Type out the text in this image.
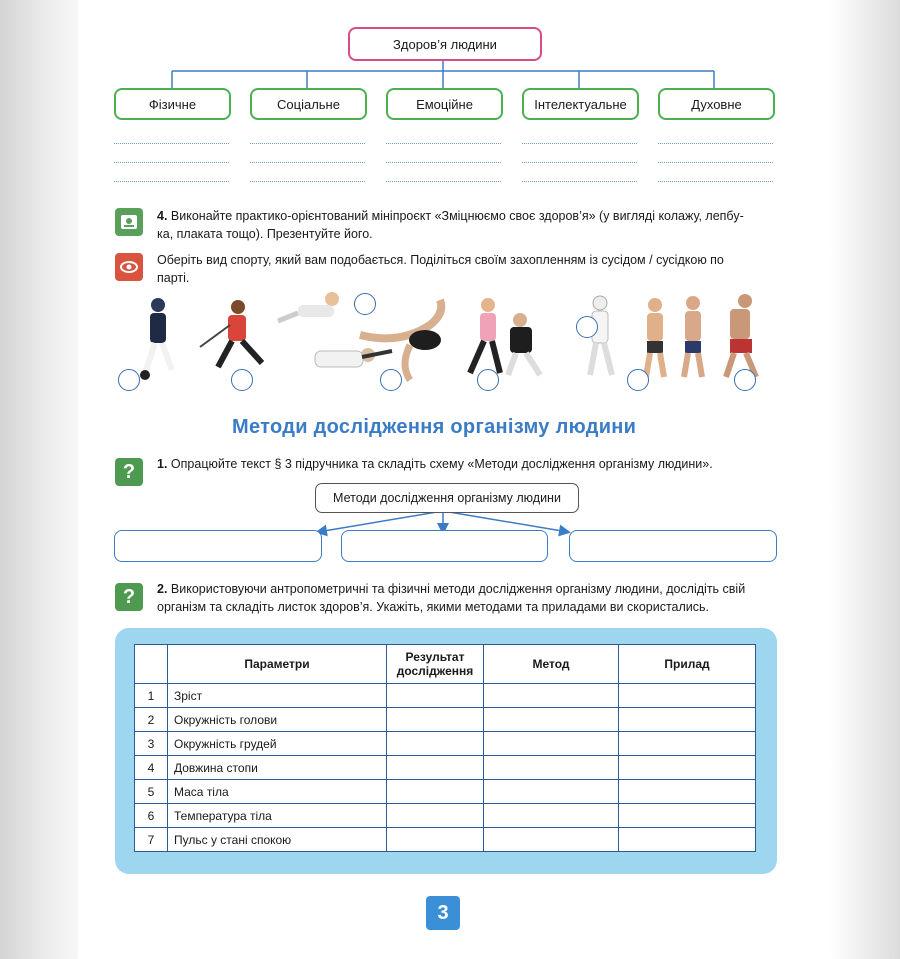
Здоров’я людини
Фізичне	Соціальне	Емоційне	Інтелектуальне	Духовне
4. Виконайте практико-орієнтований мініпроєкт «Зміцнюємо своє здоров’я» (у вигляді колажу, лепбу-
ка, плаката тощо). Презентуйте його.
Оберіть вид спорту, який вам подобається. Поділіться своїм захопленням із сусідом / сусідкою по
парті.
Методи дослідження організму людини
?	1. Опрацюйте текст § 3 підручника та складіть схему «Методи дослідження організму людини».
Методи дослідження організму людини
?	2. Використовуючи антропометричні та фізичні методи дослідження організму людини, дослідіть свій
організм та складіть листок здоров’я. Укажіть, якими методами та приладами ви скористались.
	Параметри	Результат дослідження	Метод	Прилад
1	Зріст			
2	Окружність голови			
3	Окружність грудей			
4	Довжина стопи			
5	Маса тіла			
6	Температура тіла			
7	Пульс у стані спокою			
3
